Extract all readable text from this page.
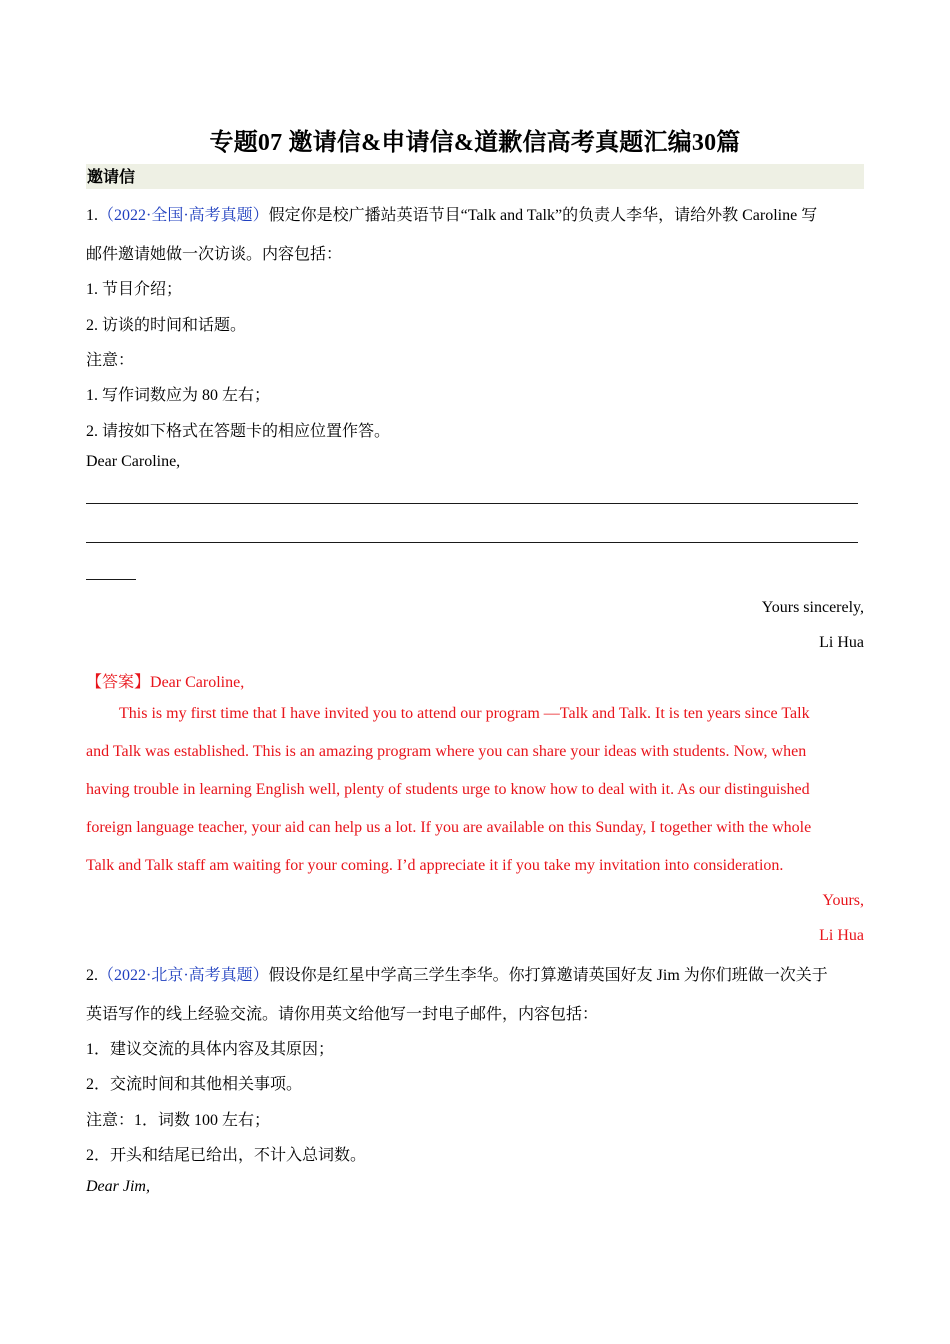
专题07 邀请信&申请信&道歉信高考真题汇编30篇
邀请信
1.（2022·全国·高考真题）假定你是校广播站英语节目“Talk and Talk”的负责人李华，请给外教 Caroline 写
邮件邀请她做一次访谈。内容包括：
1. 节目介绍；
2. 访谈的时间和话题。
注意：
1. 写作词数应为 80 左右；
2. 请按如下格式在答题卡的相应位置作答。
Dear Caroline,
Yours sincerely,
Li Hua
【答案】Dear Caroline,
This is my first time that I have invited you to attend our program —Talk and Talk. It is ten years since Talk
and Talk was established. This is an amazing program where you can share your ideas with students. Now, when
having trouble in learning English well, plenty of students urge to know how to deal with it. As our distinguished
foreign language teacher, your aid can help us a lot. If you are available on this Sunday, I together with the whole
Talk and Talk staff am waiting for your coming. I’d appreciate it if you take my invitation into consideration.
Yours,
Li Hua
2.（2022·北京·高考真题）假设你是红星中学高三学生李华。你打算邀请英国好友 Jim 为你们班做一次关于
英语写作的线上经验交流。请你用英文给他写一封电子邮件，内容包括：
1．建议交流的具体内容及其原因；
2．交流时间和其他相关事项。
注意：1．词数 100 左右；
2．开头和结尾已给出，不计入总词数。
Dear Jim,
